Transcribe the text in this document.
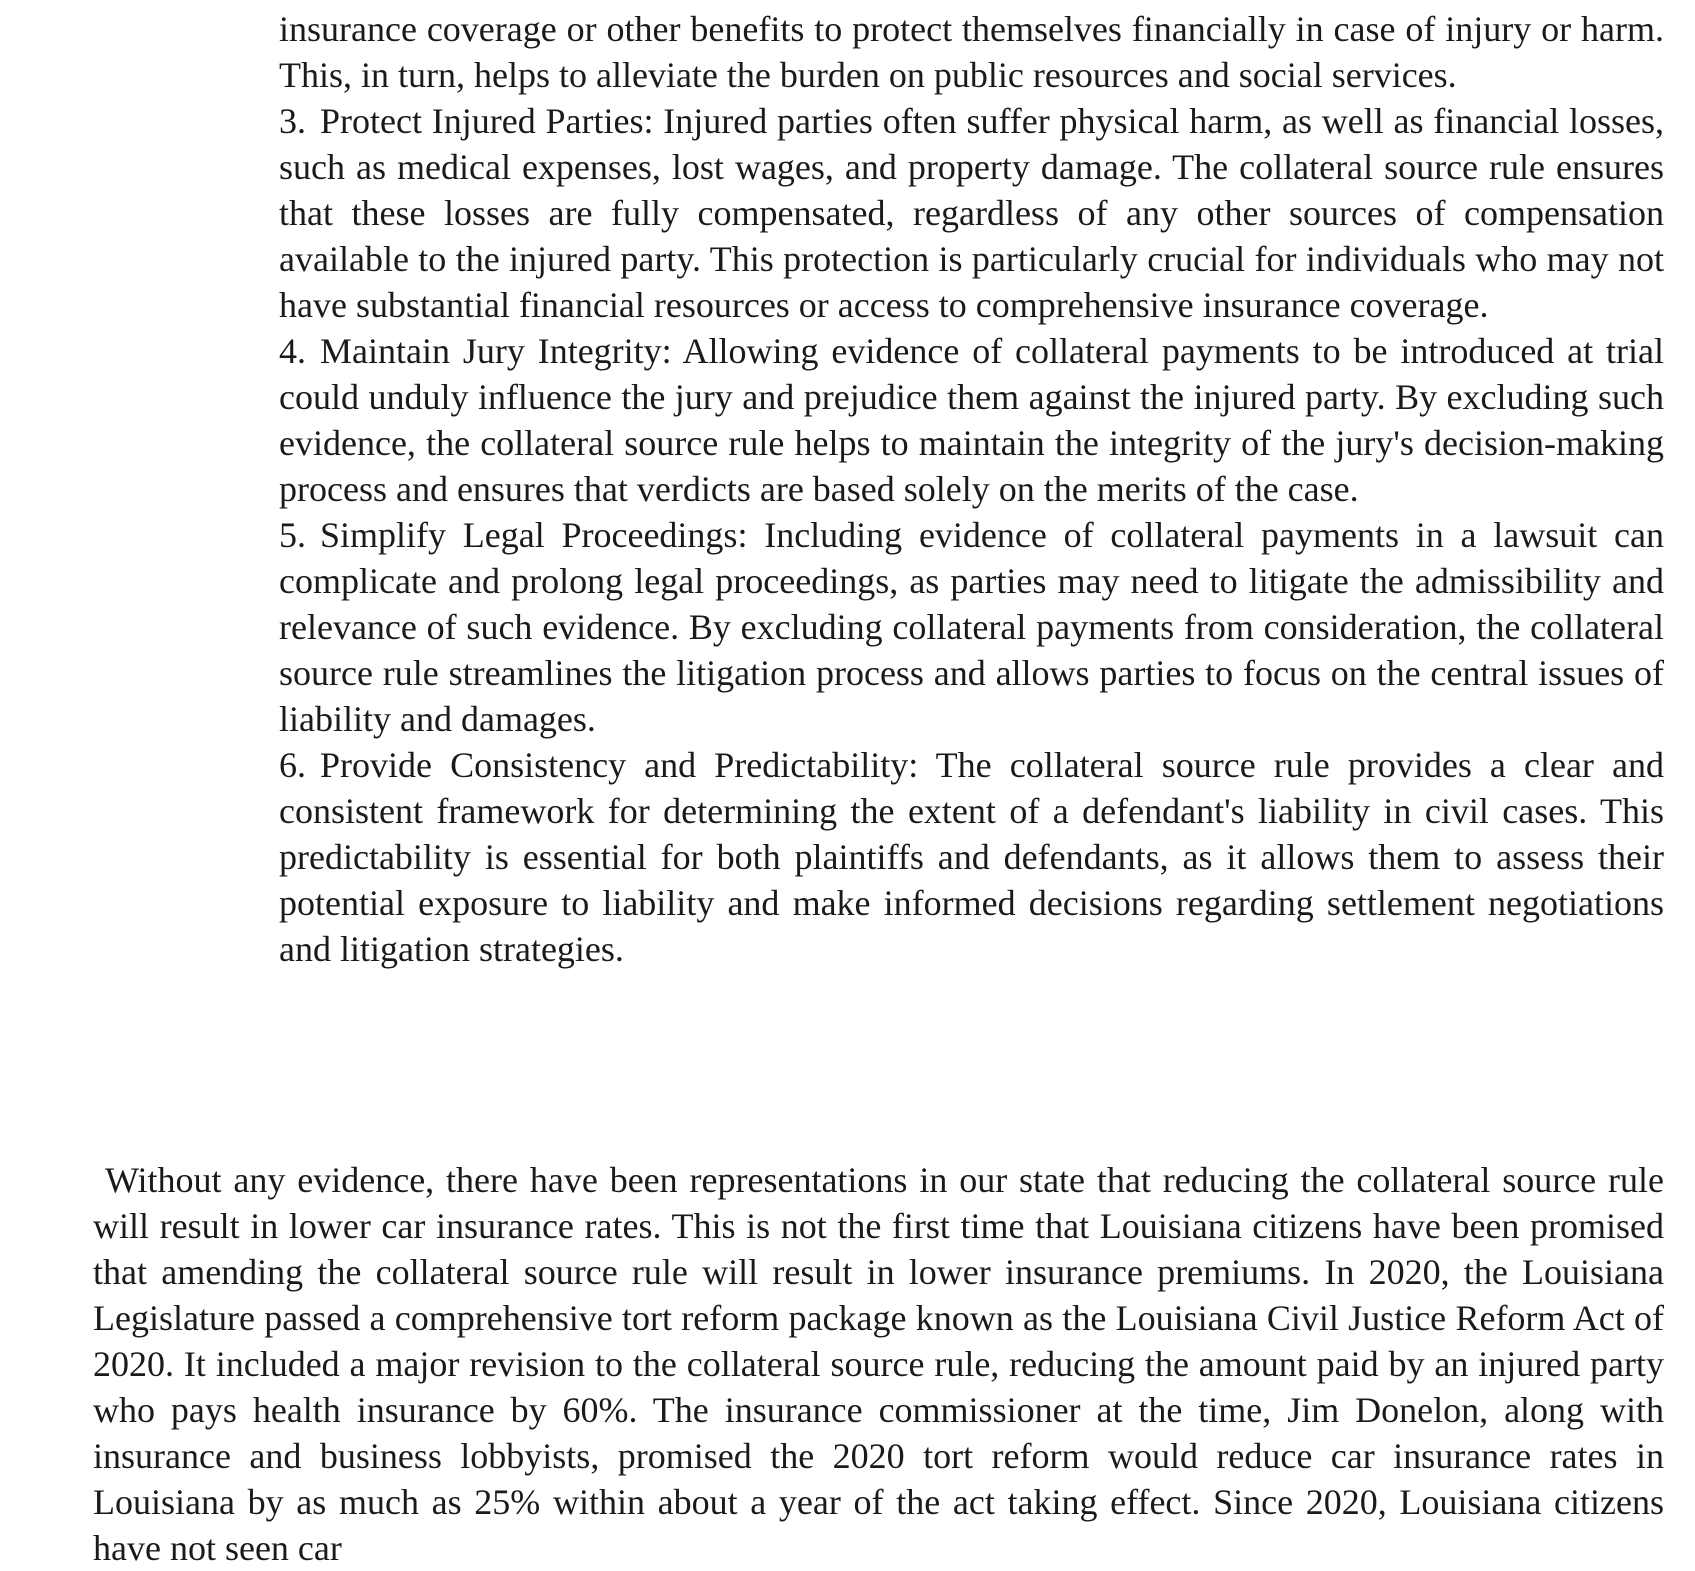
insurance coverage or other benefits to protect themselves financially in case of injury or harm. This, in turn, helps to alleviate the burden on public resources and social services.

3. Protect Injured Parties: Injured parties often suffer physical harm, as well as financial losses, such as medical expenses, lost wages, and property damage. The collateral source rule ensures that these losses are fully compensated, regardless of any other sources of compensation available to the injured party. This protection is particularly crucial for individuals who may not have substantial financial resources or access to comprehensive insurance coverage.

4. Maintain Jury Integrity: Allowing evidence of collateral payments to be introduced at trial could unduly influence the jury and prejudice them against the injured party. By excluding such evidence, the collateral source rule helps to maintain the integrity of the jury's decision-making process and ensures that verdicts are based solely on the merits of the case.

5. Simplify Legal Proceedings: Including evidence of collateral payments in a lawsuit can complicate and prolong legal proceedings, as parties may need to litigate the admissibility and relevance of such evidence. By excluding collateral payments from consideration, the collateral source rule streamlines the litigation process and allows parties to focus on the central issues of liability and damages.

6. Provide Consistency and Predictability: The collateral source rule provides a clear and consistent framework for determining the extent of a defendant's liability in civil cases. This predictability is essential for both plaintiffs and defendants, as it allows them to assess their potential exposure to liability and make informed decisions regarding settlement negotiations and litigation strategies.

Without any evidence, there have been representations in our state that reducing the collateral source rule will result in lower car insurance rates. This is not the first time that Louisiana citizens have been promised that amending the collateral source rule will result in lower insurance premiums. In 2020, the Louisiana Legislature passed a comprehensive tort reform package known as the Louisiana Civil Justice Reform Act of 2020. It included a major revision to the collateral source rule, reducing the amount paid by an injured party who pays health insurance by 60%. The insurance commissioner at the time, Jim Donelon, along with insurance and business lobbyists, promised the 2020 tort reform would reduce car insurance rates in Louisiana by as much as 25% within about a year of the act taking effect. Since 2020, Louisiana citizens have not seen car
